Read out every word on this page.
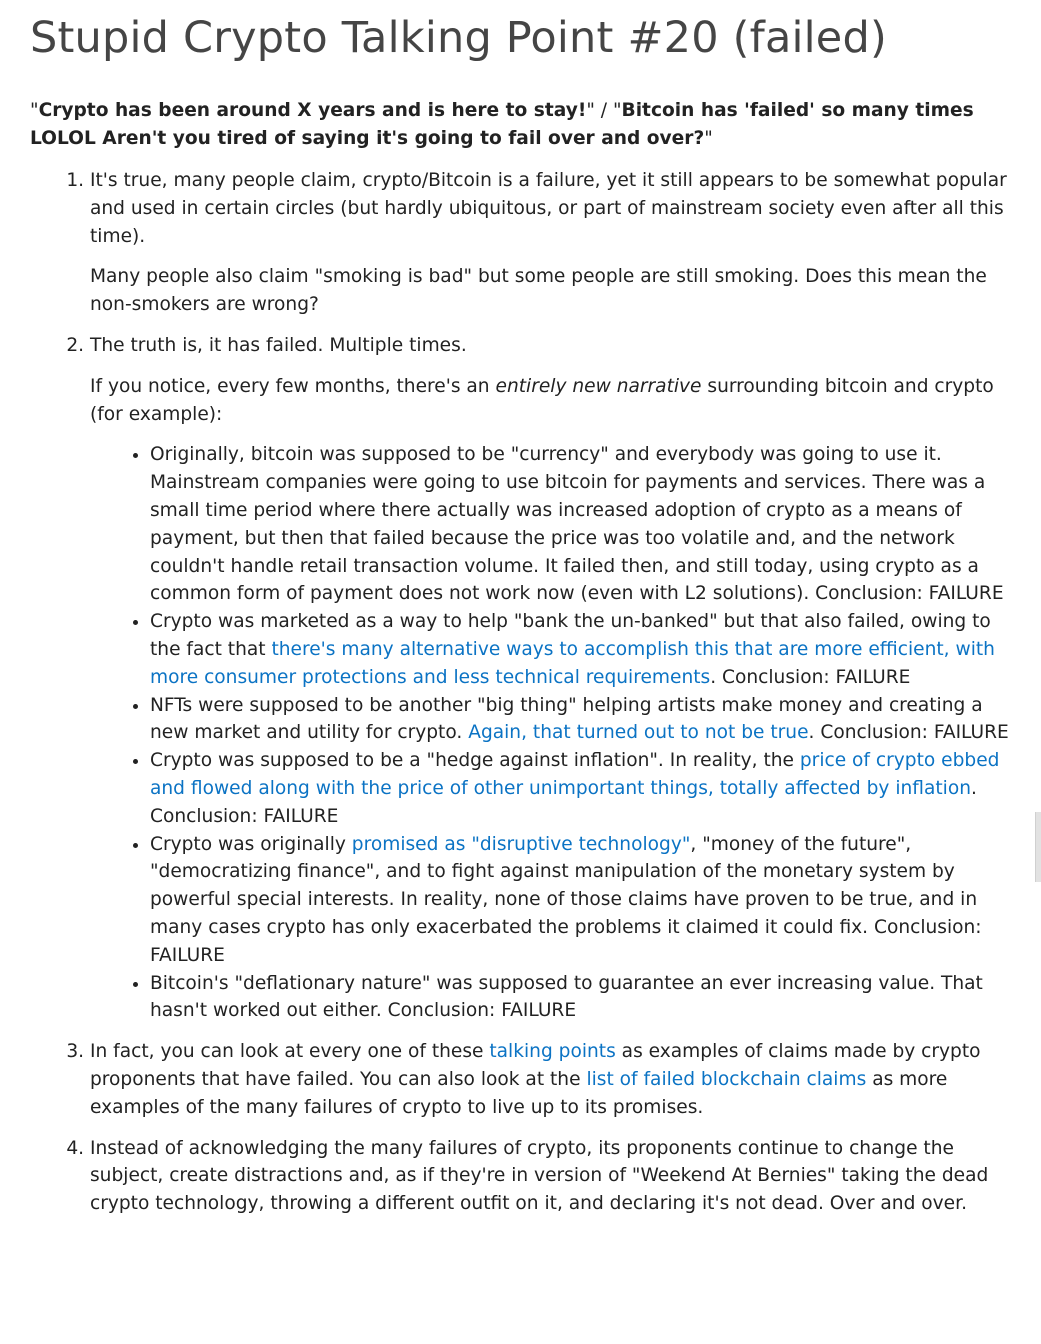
Stupid Crypto Talking Point #20 (failed)

"Crypto has been around X years and is here to stay!" / "Bitcoin has 'failed' so many times LOLOL Aren't you tired of saying it's going to fail over and over?"

1. It's true, many people claim, crypto/Bitcoin is a failure, yet it still appears to be somewhat popular and used in certain circles (but hardly ubiquitous, or part of mainstream society even after all this time).

Many people also claim "smoking is bad" but some people are still smoking. Does this mean the non-smokers are wrong?

2. The truth is, it has failed. Multiple times.

If you notice, every few months, there's an entirely new narrative surrounding bitcoin and crypto (for example):

• Originally, bitcoin was supposed to be "currency" and everybody was going to use it. Mainstream companies were going to use bitcoin for payments and services. There was a small time period where there actually was increased adoption of crypto as a means of payment, but then that failed because the price was too volatile and, and the network couldn't handle retail transaction volume. It failed then, and still today, using crypto as a common form of payment does not work now (even with L2 solutions). Conclusion: FAILURE
• Crypto was marketed as a way to help "bank the un-banked" but that also failed, owing to the fact that there's many alternative ways to accomplish this that are more efficient, with more consumer protections and less technical requirements. Conclusion: FAILURE
• NFTs were supposed to be another "big thing" helping artists make money and creating a new market and utility for crypto. Again, that turned out to not be true. Conclusion: FAILURE
• Crypto was supposed to be a "hedge against inflation". In reality, the price of crypto ebbed and flowed along with the price of other unimportant things, totally affected by inflation. Conclusion: FAILURE
• Crypto was originally promised as "disruptive technology", "money of the future", "democratizing finance", and to fight against manipulation of the monetary system by powerful special interests. In reality, none of those claims have proven to be true, and in many cases crypto has only exacerbated the problems it claimed it could fix. Conclusion: FAILURE
• Bitcoin's "deflationary nature" was supposed to guarantee an ever increasing value. That hasn't worked out either. Conclusion: FAILURE

3. In fact, you can look at every one of these talking points as examples of claims made by crypto proponents that have failed. You can also look at the list of failed blockchain claims as more examples of the many failures of crypto to live up to its promises.

4. Instead of acknowledging the many failures of crypto, its proponents continue to change the subject, create distractions and, as if they're in version of "Weekend At Bernies" taking the dead crypto technology, throwing a different outfit on it, and declaring it's not dead. Over and over.
